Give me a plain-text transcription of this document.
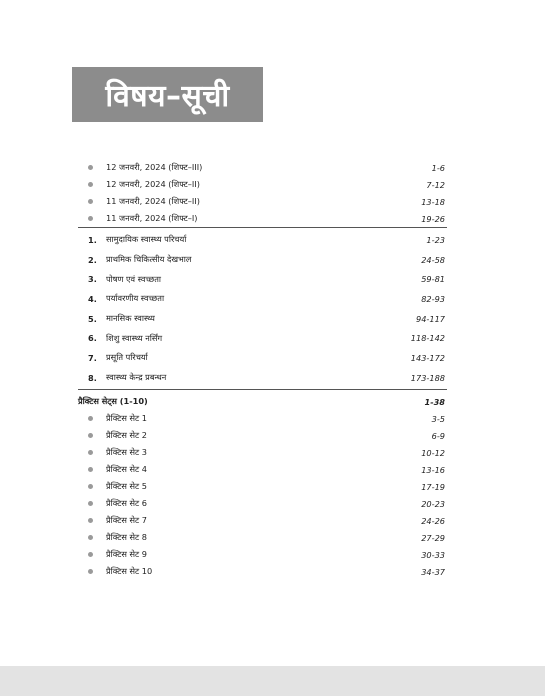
विषय–सूची
12 जनवरी, 2024 (शिफ्ट–III)	1-6
12 जनवरी, 2024 (शिफ्ट–II)	7-12
11 जनवरी, 2024 (शिफ्ट–II)	13-18
11 जनवरी, 2024 (शिफ्ट–I)	19-26
1. सामुदायिक स्वास्थ्य परिचर्या	1-23
2. प्राथमिक चिकित्सीय देखभाल	24-58
3. पोषण एवं स्वच्छता	59-81
4. पर्यावरणीय स्वच्छता	82-93
5. मानसिक स्वास्थ्य	94-117
6. शिशु स्वास्थ्य नर्सिंग	118-142
7. प्रसूति परिचर्या	143-172
8. स्वास्थ्य केन्द्र प्रबन्धन	173-188
प्रैक्टिस सेट्स (1-10)	1-38
प्रैक्टिस सेट 1	3-5
प्रैक्टिस सेट 2	6-9
प्रैक्टिस सेट 3	10-12
प्रैक्टिस सेट 4	13-16
प्रैक्टिस सेट 5	17-19
प्रैक्टिस सेट 6	20-23
प्रैक्टिस सेट 7	24-26
प्रैक्टिस सेट 8	27-29
प्रैक्टिस सेट 9	30-33
प्रैक्टिस सेट 10	34-37
